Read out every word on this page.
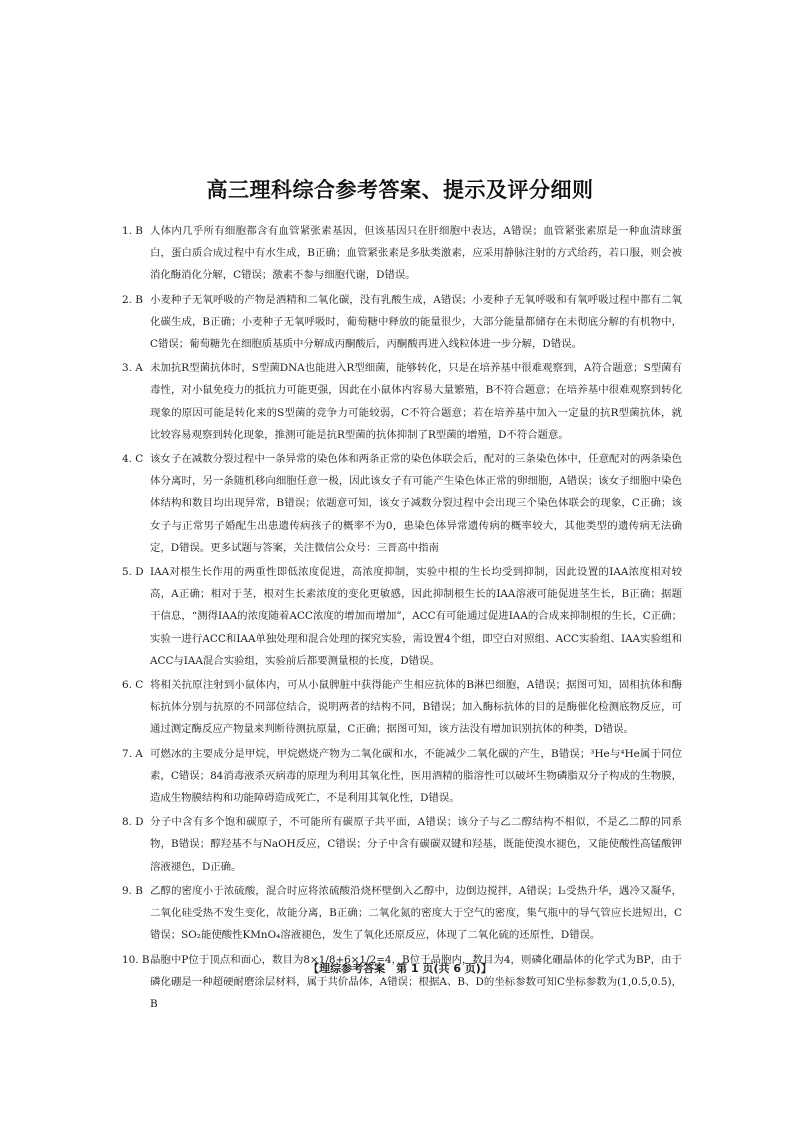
高三理科综合参考答案、提示及评分细则
1. B 人体内几乎所有细胞都含有血管紧张素基因，但该基因只在肝细胞中表达，A错误；血管紧张素原是一种血清球蛋白，蛋白质合成过程中有水生成，B正确；血管紧张素是多肽类激素，应采用静脉注射的方式给药，若口服，则会被消化酶消化分解，C错误；激素不参与细胞代谢，D错误。
2. B 小麦种子无氧呼吸的产物是酒精和二氧化碳，没有乳酸生成，A错误；小麦种子无氧呼吸和有氧呼吸过程中都有二氧化碳生成，B正确；小麦种子无氧呼吸时，葡萄糖中释放的能量很少，大部分能量都储存在未彻底分解的有机物中，C错误；葡萄糖先在细胞质基质中分解成丙酮酸后，丙酮酸再进入线粒体进一步分解，D错误。
3. A 未加抗R型菌抗体时，S型菌DNA也能进入R型细菌，能够转化，只是在培养基中很难观察到，A符合题意；S型菌有毒性，对小鼠免疫力的抵抗力可能更强，因此在小鼠体内容易大量繁殖，B不符合题意；在培养基中很难观察到转化现象的原因可能是转化来的S型菌的竞争力可能较弱，C不符合题意；若在培养基中加入一定量的抗R型菌抗体，就比较容易观察到转化现象，推测可能是抗R型菌的抗体抑制了R型菌的增殖，D不符合题意。
4. C 该女子在减数分裂过程中一条异常的染色体和两条正常的染色体联会后，配对的三条染色体中，任意配对的两条染色体分离时，另一条随机移向细胞任意一极，因此该女子有可能产生染色体正常的卵细胞，A错误；该女子细胞中染色体结构和数目均出现异常，B错误；依题意可知，该女子减数分裂过程中会出现三个染色体联会的现象，C正确；该女子与正常男子婚配生出患遗传病孩子的概率不为0，患染色体异常遗传病的概率较大，其他类型的遗传病无法确定，D错误。更多试题与答案，关注微信公众号：三晋高中指南
5. D IAA对根生长作用的两重性即低浓度促进，高浓度抑制，实验中根的生长均受到抑制，因此设置的IAA浓度相对较高，A正确；相对于茎，根对生长素浓度的变化更敏感，因此抑制根生长的IAA溶液可能促进茎生长，B正确；据题干信息，“测得IAA的浓度随着ACC浓度的增加而增加”，ACC有可能通过促进IAA的合成来抑制根的生长，C正确；实验一进行ACC和IAA单独处理和混合处理的探究实验，需设置4个组，即空白对照组、ACC实验组、IAA实验组和ACC与IAA混合实验组，实验前后都要测量根的长度，D错误。
6. C 将相关抗原注射到小鼠体内，可从小鼠脾脏中获得能产生相应抗体的B淋巴细胞，A错误；据图可知，固相抗体和酶标抗体分别与抗原的不同部位结合，说明两者的结构不同，B错误；加入酶标抗体的目的是酶催化检测底物反应，可通过测定酶反应产物量来判断待测抗原量，C正确；据图可知，该方法没有增加识别抗体的种类，D错误。
7. A 可燃冰的主要成分是甲烷，甲烷燃烧产物为二氧化碳和水，不能减少二氧化碳的产生，B错误；³He与⁴He属于同位素，C错误；84消毒液杀灭病毒的原理为利用其氧化性，医用酒精的脂溶性可以破坏生物磷脂双分子构成的生物膜，造成生物膜结构和功能障碍造成死亡，不是利用其氧化性，D错误。
8. D 分子中含有多个饱和碳原子，不可能所有碳原子共平面，A错误；该分子与乙二醇结构不相似，不是乙二醇的同系物，B错误；醇羟基不与NaOH反应，C错误；分子中含有碳碳双键和羟基，既能使溴水褪色，又能使酸性高锰酸钾溶液褪色，D正确。
9. B 乙醇的密度小于浓硫酸，混合时应将浓硫酸沿烧杯壁倒入乙醇中，边倒边搅拌，A错误；I₂受热升华，遇冷又凝华，二氧化硅受热不发生变化，故能分离，B正确；二氧化氮的密度大于空气的密度，集气瓶中的导气管应长进短出，C错误；SO₂能使酸性KMnO₄溶液褪色，发生了氧化还原反应，体现了二氧化硫的还原性，D错误。
10. B 晶胞中P位于顶点和面心，数目为8×1/8+6×1/2=4，B位于晶胞内，数目为4，则磷化硼晶体的化学式为BP，由于磷化硼是一种超硬耐磨涂层材料，属于共价晶体，A错误；根据A、B、D的坐标参数可知C坐标参数为(1,0.5,0.5)，B
【理综参考答案　第 1 页(共 6 页)】
